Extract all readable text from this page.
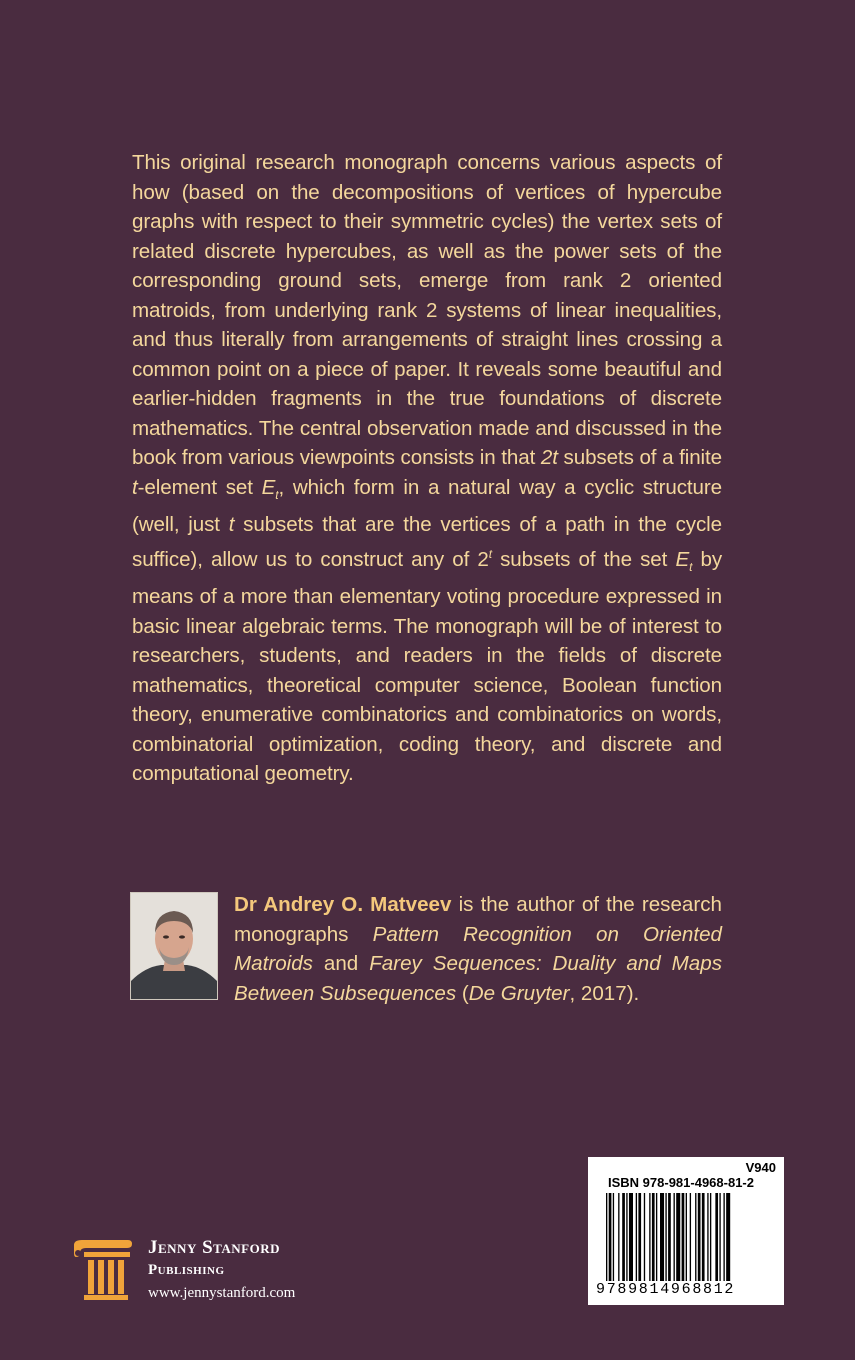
This original research monograph concerns various aspects of how (based on the decompositions of vertices of hypercube graphs with respect to their symmetric cycles) the vertex sets of related discrete hypercubes, as well as the power sets of the corresponding ground sets, emerge from rank 2 oriented matroids, from underlying rank 2 systems of linear inequalities, and thus literally from arrangements of straight lines crossing a common point on a piece of paper. It reveals some beautiful and earlier-hidden fragments in the true foundations of discrete mathematics. The central observation made and discussed in the book from various viewpoints consists in that 2t subsets of a finite t-element set $E_t$, which form in a natural way a cyclic structure (well, just t subsets that are the vertices of a path in the cycle suffice), allow us to construct any of 2$^t$ subsets of the set $E_t$ by means of a more than elementary voting procedure expressed in basic linear algebraic terms. The monograph will be of interest to researchers, students, and readers in the fields of discrete mathematics, theoretical computer science, Boolean function theory, enumerative combinatorics and combinatorics on words, combinatorial optimization, coding theory, and discrete and computational geometry.
Dr Andrey O. Matveev is the author of the research monographs Pattern Recognition on Oriented Matroids and Farey Sequences: Duality and Maps Between Subsequences (De Gruyter, 2017).
Jenny Stanford
Publishing
www.jennystanford.com
V940
ISBN 978-981-4968-81-2
9789814968812
